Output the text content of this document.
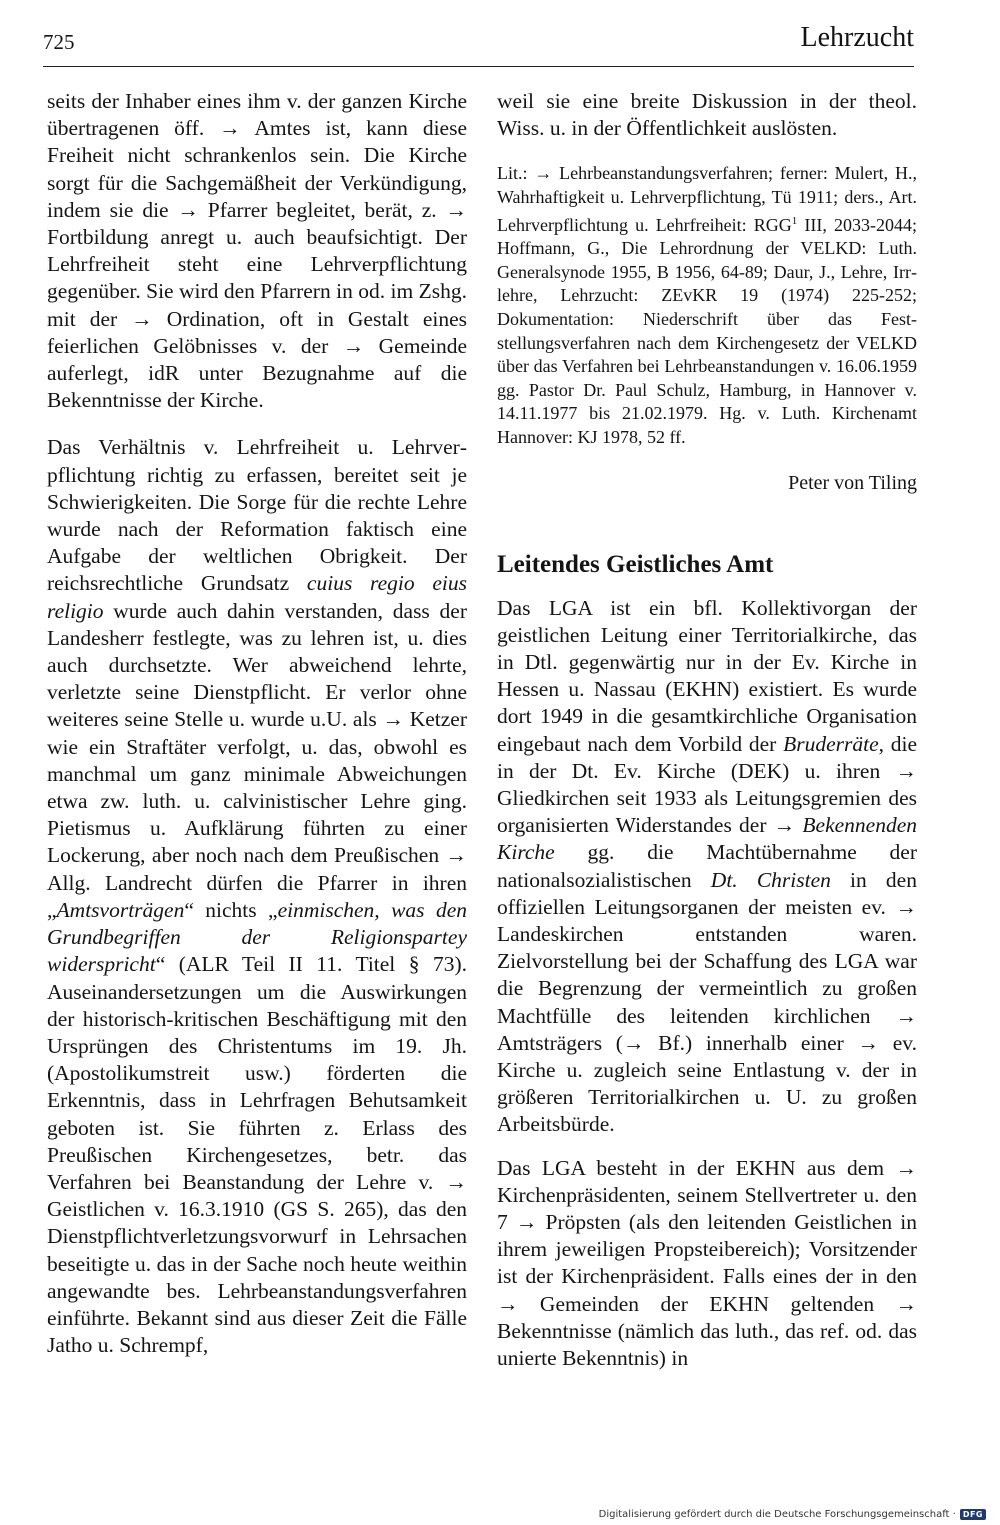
725	Lehrzucht

seits der Inhaber eines ihm v. der ganzen Kirche übertragenen öff. → Amtes ist, kann diese Freiheit nicht schrankenlos sein. Die Kirche sorgt für die Sachgemäßheit der Verkündigung, indem sie die → Pfarrer begleitet, berät, z. → Fortbildung anregt u. auch beaufsichtigt. Der Lehrfreiheit steht eine Lehrverpflichtung gegenüber. Sie wird den Pfarrern in od. im Zshg. mit der → Ordination, oft in Gestalt eines feierlichen Gelöbnisses v. der → Gemeinde auferlegt, idR unter Bezugnahme auf die Bekenntnisse der Kirche.

Das Verhältnis v. Lehrfreiheit u. Lehrverpflichtung richtig zu erfassen, bereitet seit je Schwierigkeiten. Die Sorge für die rechte Lehre wurde nach der Reformation faktisch eine Aufgabe der weltlichen Obrigkeit. Der reichsrechtliche Grundsatz cuius regio eius religio wurde auch dahin verstanden, dass der Landesherr festlegte, was zu lehren ist, u. dies auch durchsetzte. Wer abweichend lehrte, verletzte seine Dienstpflicht. Er verlor ohne weiteres seine Stelle u. wurde u.U. als → Ketzer wie ein Straftäter verfolgt, u. das, obwohl es manchmal um ganz minimale Abweichungen etwa zw. luth. u. calvinistischer Lehre ging. Pietismus u. Aufklärung führten zu einer Lockerung, aber noch nach dem Preußischen → Allg. Landrecht dürfen die Pfarrer in ihren „Amtsvorträgen“ nichts „einmischen, was den Grundbegriffen der Religionspartey widerspricht“ (ALR Teil II 11. Titel § 73). Auseinandersetzungen um die Auswirkungen der historisch-kritischen Beschäftigung mit den Ursprüngen des Christentums im 19. Jh. (Apostolikumstreit usw.) förderten die Erkenntnis, dass in Lehrfragen Behutsamkeit geboten ist. Sie führten z. Erlass des Preußischen Kirchengesetzes, betr. das Verfahren bei Beanstandung der Lehre v. → Geistlichen v. 16.3.1910 (GS S. 265), das den Dienstpflichtverletzungsvorwurf in Lehrsachen beseitigte u. das in der Sache noch heute weithin angewandte bes. Lehrbeanstandungsverfahren einführte. Bekannt sind aus dieser Zeit die Fälle Jatho u. Schrempf,

weil sie eine breite Diskussion in der theol. Wiss. u. in der Öffentlichkeit auslösten.

Lit.: → Lehrbeanstandungsverfahren; ferner: Mulert, H., Wahrhaftigkeit u. Lehrverpflichtung, Tü 1911; ders., Art. Lehrverpflichtung u. Lehrfreiheit: RGG$^1$ III, 2033-2044; Hoffmann, G., Die Lehrordnung der VELKD: Luth. Generalsynode 1955, B 1956, 64-89; Daur, J., Lehre, Irrlehre, Lehrzucht: ZEvKR 19 (1974) 225-252; Dokumentation: Niederschrift über das Feststellungsverfahren nach dem Kirchengesetz der VELKD über das Verfahren bei Lehrbeanstandungen v. 16.06.1959 gg. Pastor Dr. Paul Schulz, Hamburg, in Hannover v. 14.11.1977 bis 21.02.1979. Hg. v. Luth. Kirchenamt Hannover: KJ 1978, 52 ff.

Peter von Tiling
Leitendes Geistliches Amt

Das LGA ist ein bfl. Kollektivorgan der geistlichen Leitung einer Territorialkirche, das in Dtl. gegenwärtig nur in der Ev. Kirche in Hessen u. Nassau (EKHN) existiert. Es wurde dort 1949 in die gesamtkirchliche Organisation eingebaut nach dem Vorbild der Bruderräte, die in der Dt. Ev. Kirche (DEK) u. ihren → Gliedkirchen seit 1933 als Leitungsgremien des organisierten Widerstandes der → Bekennenden Kirche gg. die Machtübernahme der nationalsozialistischen Dt. Christen in den offiziellen Leitungsorganen der meisten ev. → Landeskirchen entstanden waren. Zielvorstellung bei der Schaffung des LGA war die Begrenzung der vermeintlich zu großen Machtfülle des leitenden kirchlichen → Amtsträgers (→ Bf.) innerhalb einer → ev. Kirche u. zugleich seine Entlastung v. der in größeren Territorialkirchen u. U. zu großen Arbeitsbürde.

Das LGA besteht in der EKHN aus dem → Kirchenpräsidenten, seinem Stellvertreter u. den 7 → Pröpsten (als den leitenden Geistlichen in ihrem jeweiligen Propsteibereich); Vorsitzender ist der Kirchenpräsident. Falls eines der in den → Gemeinden der EKHN geltenden → Bekenntnisse (nämlich das luth., das ref. od. das unierte Bekenntnis) in

Digitalisierung gefördert durch die Deutsche Forschungsgemeinschaft · DFG
